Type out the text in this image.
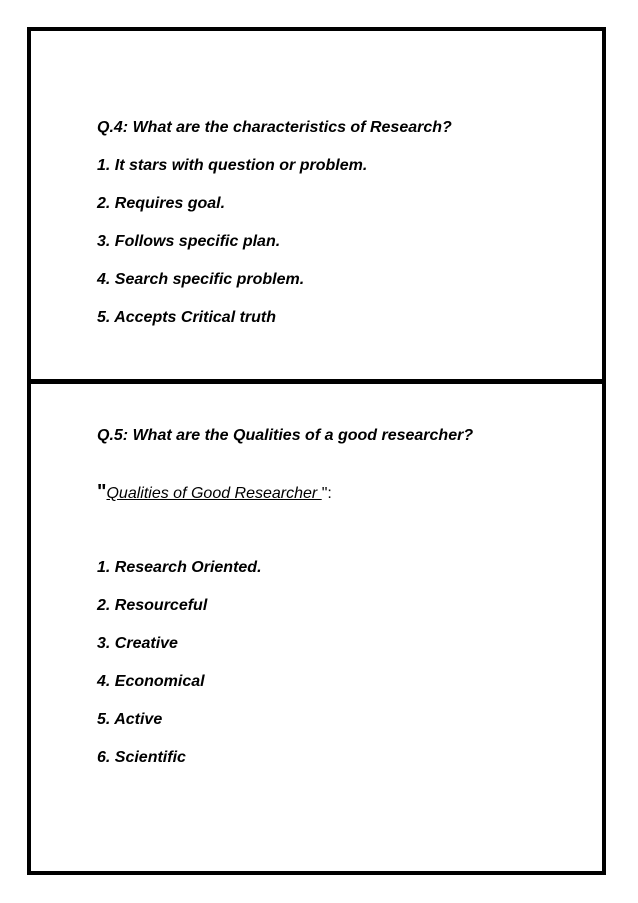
Q.4: What are the characteristics of Research?
1. It stars with question or problem.
2. Requires goal.
3. Follows specific plan.
4. Search specific problem.
5. Accepts Critical truth
Q.5: What are the Qualities of a good researcher?
"Qualities of Good Researcher ":
1. Research Oriented.
2. Resourceful
3. Creative
4. Economical
5. Active
6. Scientific
